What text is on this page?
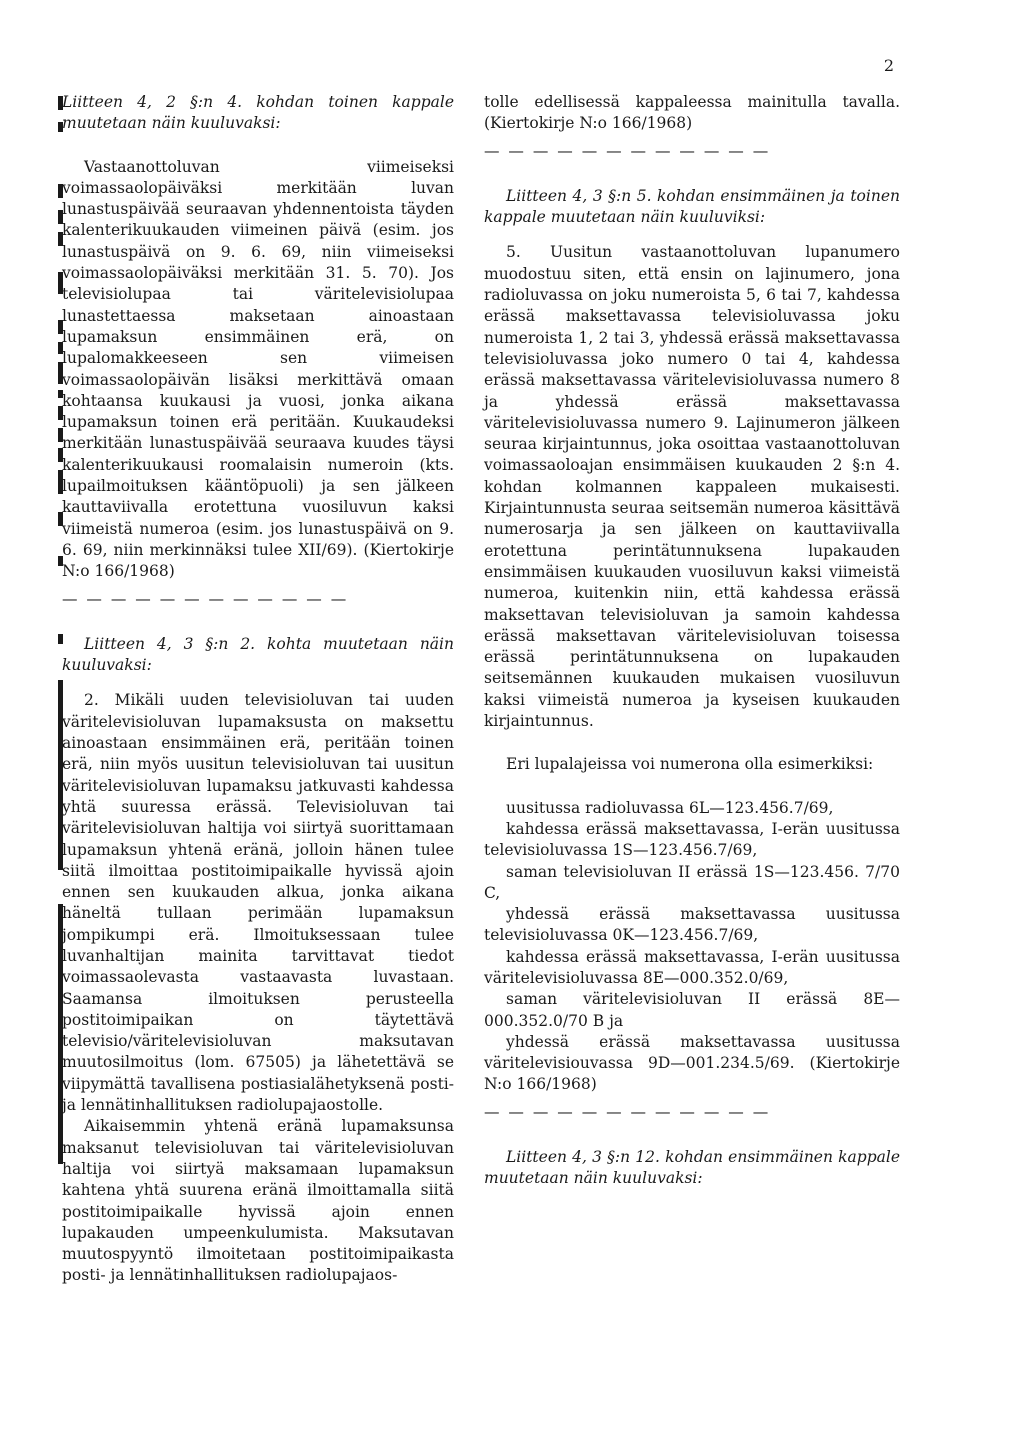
2

Liitteen 4, 2 §:n 4. kohdan toinen kappale muutetaan näin kuuluvaksi:

Vastaanottoluvan viimeiseksi voimassaolopäiväksi merkitään luvan lunastuspäivää seuraavan yhdennentoista täyden kalenterikuukauden viimeinen päivä (esim. jos lunastuspäivä on 9. 6. 69, niin viimeiseksi voimassaolopäiväksi merkitään 31. 5. 70). Jos televisiolupaa tai väritelevisiolupaa lunastettaessa maksetaan ainoastaan lupamaksun ensimmäinen erä, on lupalomakkeeseen sen viimeisen voimassaolopäivän lisäksi merkittävä omaan kohtaansa kuukausi ja vuosi, jonka aikana lupamaksun toinen erä peritään. Kuukaudeksi merkitään lunastuspäivää seuraava kuudes täysi kalenterikuukausi roomalaisin numeroin (kts. lupailmoituksen kääntöpuoli) ja sen jälkeen kauttaviivalla erotettuna vuosiluvun kaksi viimeistä numeroa (esim. jos lunastuspäivä on 9. 6. 69, niin merkinnäksi tulee XII/69). (Kiertokirje N:o 166/1968)

— — — — — — — — — — — —

Liitteen 4, 3 §:n 2. kohta muutetaan näin kuuluvaksi:

2. Mikäli uuden televisioluvan tai uuden väritelevisioluvan lupamaksusta on maksettu ainoastaan ensimmäinen erä, peritään toinen erä, niin myös uusitun televisioluvan tai uusitun väritelevisioluvan lupamaksu jatkuvasti kahdessa yhtä suuressa erässä. Televisioluvan tai väritelevisioluvan haltija voi siirtyä suorittamaan lupamaksun yhtenä eränä, jolloin hänen tulee siitä ilmoittaa postitoimipaikalle hyvissä ajoin ennen sen kuukauden alkua, jonka aikana häneltä tullaan perimään lupamaksun jompikumpi erä. Ilmoituksessaan tulee luvanhaltijan mainita tarvittavat tiedot voimassaolevasta vastaavasta luvastaan. Saamansa ilmoituksen perusteella postitoimipaikan on täytettävä televisio/väritelevisioluvan maksutavan muutosilmoitus (lom. 67505) ja lähetettävä se viipymättä tavallisena postiasialähetyksenä posti- ja lennätinhallituksen radiolupajaostolle.

Aikaisemmin yhtenä eränä lupamaksunsa maksanut televisioluvan tai väritelevisioluvan haltija voi siirtyä maksamaan lupamaksun kahtena yhtä suurena eränä ilmoittamalla siitä postitoimipaikalle hyvissä ajoin ennen lupakauden umpeenkulumista. Maksutavan muutospyyntö ilmoitetaan postitoimipaikasta posti- ja lennätinhallituksen radiolupajaos-

tolle edellisessä kappaleessa mainitulla tavalla. (Kiertokirje N:o 166/1968)

— — — — — — — — — — — —

Liitteen 4, 3 §:n 5. kohdan ensimmäinen ja toinen kappale muutetaan näin kuuluviksi:

5. Uusitun vastaanottoluvan lupanumero muodostuu siten, että ensin on lajinumero, jona radioluvassa on joku numeroista 5, 6 tai 7, kahdessa erässä maksettavassa televisioluvassa joku numeroista 1, 2 tai 3, yhdessä erässä maksettavassa televisioluvassa joko numero 0 tai 4, kahdessa erässä maksettavassa väritelevisioluvassa numero 8 ja yhdessä erässä maksettavassa väritelevisioluvassa numero 9. Lajinumeron jälkeen seuraa kirjaintunnus, joka osoittaa vastaanottoluvan voimassaoloajan ensimmäisen kuukauden 2 §:n 4. kohdan kolmannen kappaleen mukaisesti. Kirjaintunnusta seuraa seitsemän numeroa käsittävä numerosarja ja sen jälkeen on kauttaviivalla erotettuna perintätunnuksena lupakauden ensimmäisen kuukauden vuosiluvun kaksi viimeistä numeroa, kuitenkin niin, että kahdessa erässä maksettavan televisioluvan ja samoin kahdessa erässä maksettavan väritelevisioluvan toisessa erässä perintätunnuksena on lupakauden seitsemännen kuukauden mukaisen vuosiluvun kaksi viimeistä numeroa ja kyseisen kuukauden kirjaintunnus.

Eri lupalajeissa voi numerona olla esimerkiksi:

uusitussa radioluvassa 6L—123.456.7/69,

kahdessa erässä maksettavassa, I-erän uusitussa televisioluvassa 1S—123.456.7/69,

saman televisioluvan II erässä 1S—123.456. 7/70 C,

yhdessä erässä maksettavassa uusitussa televisioluvassa 0K—123.456.7/69,

kahdessa erässä maksettavassa, I-erän uusitussa väritelevisioluvassa 8E—000.352.0/69,

saman väritelevisioluvan II erässä 8E—000.352.0/70 B ja

yhdessä erässä maksettavassa uusitussa väritelevisiouvassa 9D—001.234.5/69. (Kiertokirje N:o 166/1968)

— — — — — — — — — — — —

Liitteen 4, 3 §:n 12. kohdan ensimmäinen kappale muutetaan näin kuuluvaksi:
